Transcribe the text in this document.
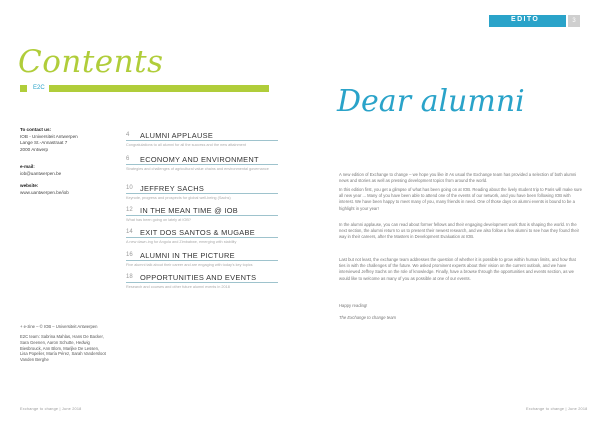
EDITO	3
Contents
E2C
To contact us:
IOB - Universiteit Antwerpen
Lange St.-Annastraat 7
2000 Antwerp
e-mail:
iob@uantwerpen.be
website:
www.uantwerpen.be/iob
4 ALUMNI APPLAUSE
Congratulations to all alumni for all the success and the new attainment
6 ECONOMY AND ENVIRONMENT
Strategies and challenges of agricultural value chains and environmental governance
10 JEFFREY SACHS
Keynote, progress and prospects for global well-being (Sachs)
12 IN THE MEAN TIME @ IOB
What has been going on lately at IOB?
14 EXIT DOS SANTOS & MUGABE
A new dawn-ing for Angola and Zimbabwe, emerging with stability
16 ALUMNI IN THE PICTURE
Five alumni talk about their career and are engaging with today's key topics
18 OPPORTUNITIES AND EVENTS
Research and courses and other future alumni events in 2018
+ e-zine – © IOB – Universiteit Antwerpen
E2C team: Sabrina Mahlas, Hans De Backer,
Sara Geenen, Aaron Schutte, Hedwig
Biesbrouck, Ann Blom, Marijke De Lessen,
Lisa Popelier, María Pérez, Sarah Vandersloot
Vanden Berghe
Dear alumni
A new edition of Exchange to change – we hope you like it! As usual the Exchange team has provided a selection of both alumni news and stories as well as pressing development topics from around the world.
In this edition first, you get a glimpse of what has been going on at IOB. Reading about the lively student trip to Paris will make sure all new year ... Many of you have been able to attend one of the events of our network, and you have been following IOB with interest. We have been happy to meet many of you, many friends in need. One of those days on alumni events is bound to be a highlight in your year!
In the alumni applause, you can read about former fellows and their engaging development work that is shaping the world. In the next section, the alumni return to us to present their newest research, and we also follow a few alumni to see how they found their way in their careers, after the Masters in Development Evaluation at IOB.
Last but not least, the exchange team addresses the question of whether it is possible to grow within human limits, and how that ties in with the challenges of the future. We asked prominent experts about their vision on the current outlook, and we have interviewed Jeffrey Sachs on the role of knowledge. Finally, have a browse through the opportunities and events section, as we would like to welcome as many of you as possible at one of our events.
Happy reading!
The Exchange to change team
Exchange to change | June 2018	Exchange to change | June 2018
